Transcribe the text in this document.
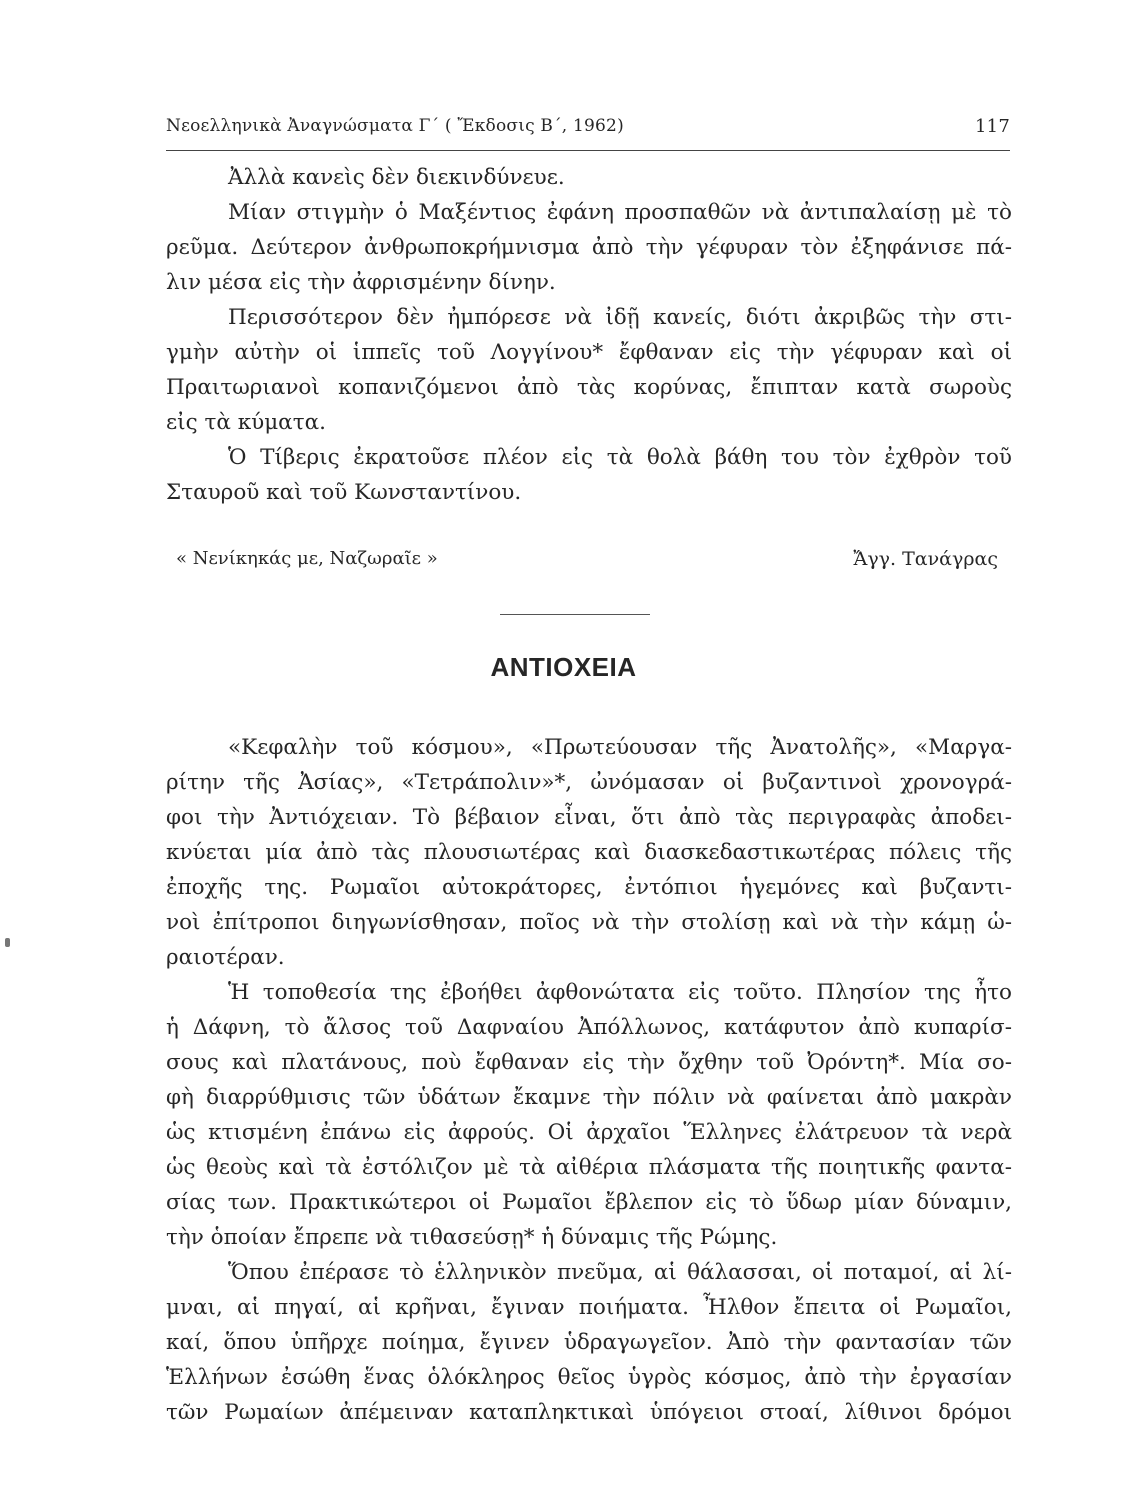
Νεοελληνικὰ Ἀναγνώσματα Γ΄ ( Ἔκδοσις Β΄, 1962)	117
Ἀλλὰ κανεὶς δὲν διεκινδύνευε.
Μίαν στιγμὴν ὁ Μαξέντιος ἐφάνη προσπαθῶν νὰ ἀντιπαλαίσῃ μὲ τὸ
ρεῦμα. Δεύτερον ἀνθρωποκρήμνισμα ἀπὸ τὴν γέφυραν τὸν ἐξηφάνισε πά-
λιν μέσα εἰς τὴν ἀφρισμένην δίνην.
Περισσότερον δὲν ἠμπόρεσε νὰ ἰδῇ κανείς, διότι ἀκριβῶς τὴν στι-
γμὴν αὐτὴν οἱ ἱππεῖς τοῦ Λογγίνου* ἔφθαναν εἰς τὴν γέφυραν καὶ οἱ
Πραιτωριανοὶ κοπανιζόμενοι ἀπὸ τὰς κορύνας, ἔπιπταν κατὰ σωροὺς
εἰς τὰ κύματα.
Ὁ Τίβερις ἐκρατοῦσε πλέον εἰς τὰ θολὰ βάθη του τὸν ἐχθρὸν τοῦ
Σταυροῦ καὶ τοῦ Κωνσταντίνου.
« Νενίκηκάς με, Ναζωραῖε »	Ἄγγ. Τανάγρας
ΑΝΤΙΟΧΕΙΑ
«Κεφαλὴν τοῦ κόσμου», «Πρωτεύουσαν τῆς Ἀνατολῆς», «Μαργα-
ρίτην τῆς Ἀσίας», «Τετράπολιν»*, ὠνόμασαν οἱ βυζαντινοὶ χρονογρά-
φοι τὴν Ἀντιόχειαν. Τὸ βέβαιον εἶναι, ὅτι ἀπὸ τὰς περιγραφὰς ἀποδει-
κνύεται μία ἀπὸ τὰς πλουσιωτέρας καὶ διασκεδαστικωτέρας πόλεις τῆς
ἐποχῆς της. Ρωμαῖοι αὐτοκράτορες, ἐντόπιοι ἡγεμόνες καὶ βυζαντι-
νοὶ ἐπίτροποι διηγωνίσθησαν, ποῖος νὰ τὴν στολίσῃ καὶ νὰ τὴν κάμῃ ὡ-
ραιοτέραν.
Ἡ τοποθεσία της ἐβοήθει ἀφθονώτατα εἰς τοῦτο. Πλησίον της ἦτο
ἡ Δάφνη, τὸ ἄλσος τοῦ Δαφναίου Ἀπόλλωνος, κατάφυτον ἀπὸ κυπαρίσ-
σους καὶ πλατάνους, ποὺ ἔφθαναν εἰς τὴν ὄχθην τοῦ Ὀρόντη*. Μία σο-
φὴ διαρρύθμισις τῶν ὑδάτων ἔκαμνε τὴν πόλιν νὰ φαίνεται ἀπὸ μακρὰν
ὡς κτισμένη ἐπάνω εἰς ἀφρούς. Οἱ ἀρχαῖοι Ἕλληνες ἐλάτρευον τὰ νερὰ
ὡς θεοὺς καὶ τὰ ἐστόλιζον μὲ τὰ αἰθέρια πλάσματα τῆς ποιητικῆς φαντα-
σίας των. Πρακτικώτεροι οἱ Ρωμαῖοι ἔβλεπον εἰς τὸ ὕδωρ μίαν δύναμιν,
τὴν ὁποίαν ἔπρεπε νὰ τιθασεύσῃ* ἡ δύναμις τῆς Ρώμης.
Ὅπου ἐπέρασε τὸ ἑλληνικὸν πνεῦμα, αἱ θάλασσαι, οἱ ποταμοί, αἱ λί-
μναι, αἱ πηγαί, αἱ κρῆναι, ἔγιναν ποιήματα. Ἦλθον ἔπειτα οἱ Ρωμαῖοι,
καί, ὅπου ὑπῆρχε ποίημα, ἔγινεν ὑδραγωγεῖον. Ἀπὸ τὴν φαντασίαν τῶν
Ἑλλήνων ἐσώθη ἕνας ὁλόκληρος θεῖος ὑγρὸς κόσμος, ἀπὸ τὴν ἐργασίαν
τῶν Ρωμαίων ἀπέμειναν καταπληκτικαὶ ὑπόγειοι στοαί, λίθινοι δρόμοι
